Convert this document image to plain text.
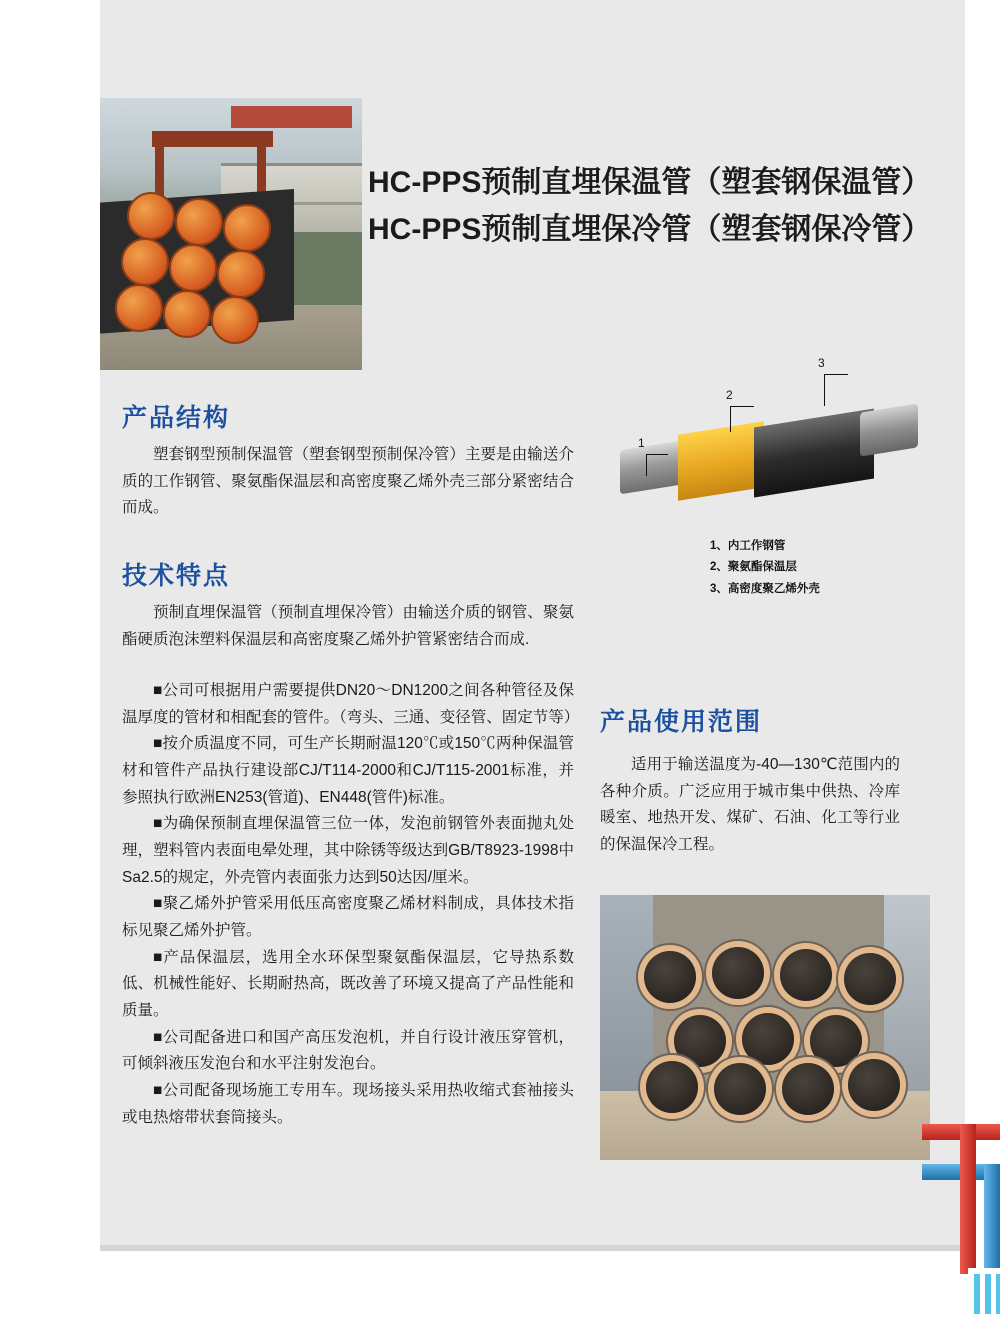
HC-PPS预制直埋保温管（塑套钢保温管）
HC-PPS预制直埋保冷管（塑套钢保冷管）
产品结构
塑套钢型预制保温管（塑套钢型预制保冷管）主要是由输送介质的工作钢管、聚氨酯保温层和高密度聚乙烯外壳三部分紧密结合而成。
技术特点
预制直埋保温管（预制直埋保冷管）由输送介质的钢管、聚氨酯硬质泡沫塑料保温层和高密度聚乙烯外护管紧密结合而成.

■公司可根据用户需要提供DN20～DN1200之间各种管径及保温厚度的管材和相配套的管件。（弯头、三通、变径管、固定节等）

■按介质温度不同，可生产长期耐温120℃或150℃两种保温管材和管件产品执行建设部CJ/T114-2000和CJ/T115-2001标准，并参照执行欧洲EN253(管道)、EN448(管件)标准。

■为确保预制直埋保温管三位一体，发泡前钢管外表面抛丸处理，塑料管内表面电晕处理，其中除锈等级达到GB/T8923-1998中Sa2.5的规定，外壳管内表面张力达到50达因/厘米。

■聚乙烯外护管采用低压高密度聚乙烯材料制成，具体技术指标见聚乙烯外护管。

■产品保温层，选用全水环保型聚氨酯保温层，它导热系数低、机械性能好、长期耐热高，既改善了环境又提高了产品性能和质量。

■公司配备进口和国产高压发泡机，并自行设计液压穿管机，可倾斜液压发泡台和水平注射发泡台。

■公司配备现场施工专用车。现场接头采用热收缩式套袖接头或电热熔带状套筒接头。

1
2
3
1、内工作钢管
2、聚氨酯保温层
3、高密度聚乙烯外壳
产品使用范围
适用于输送温度为-40—130℃范围内的各种介质。广泛应用于城市集中供热、冷库暖室、地热开发、煤矿、石油、化工等行业的保温保冷工程。
